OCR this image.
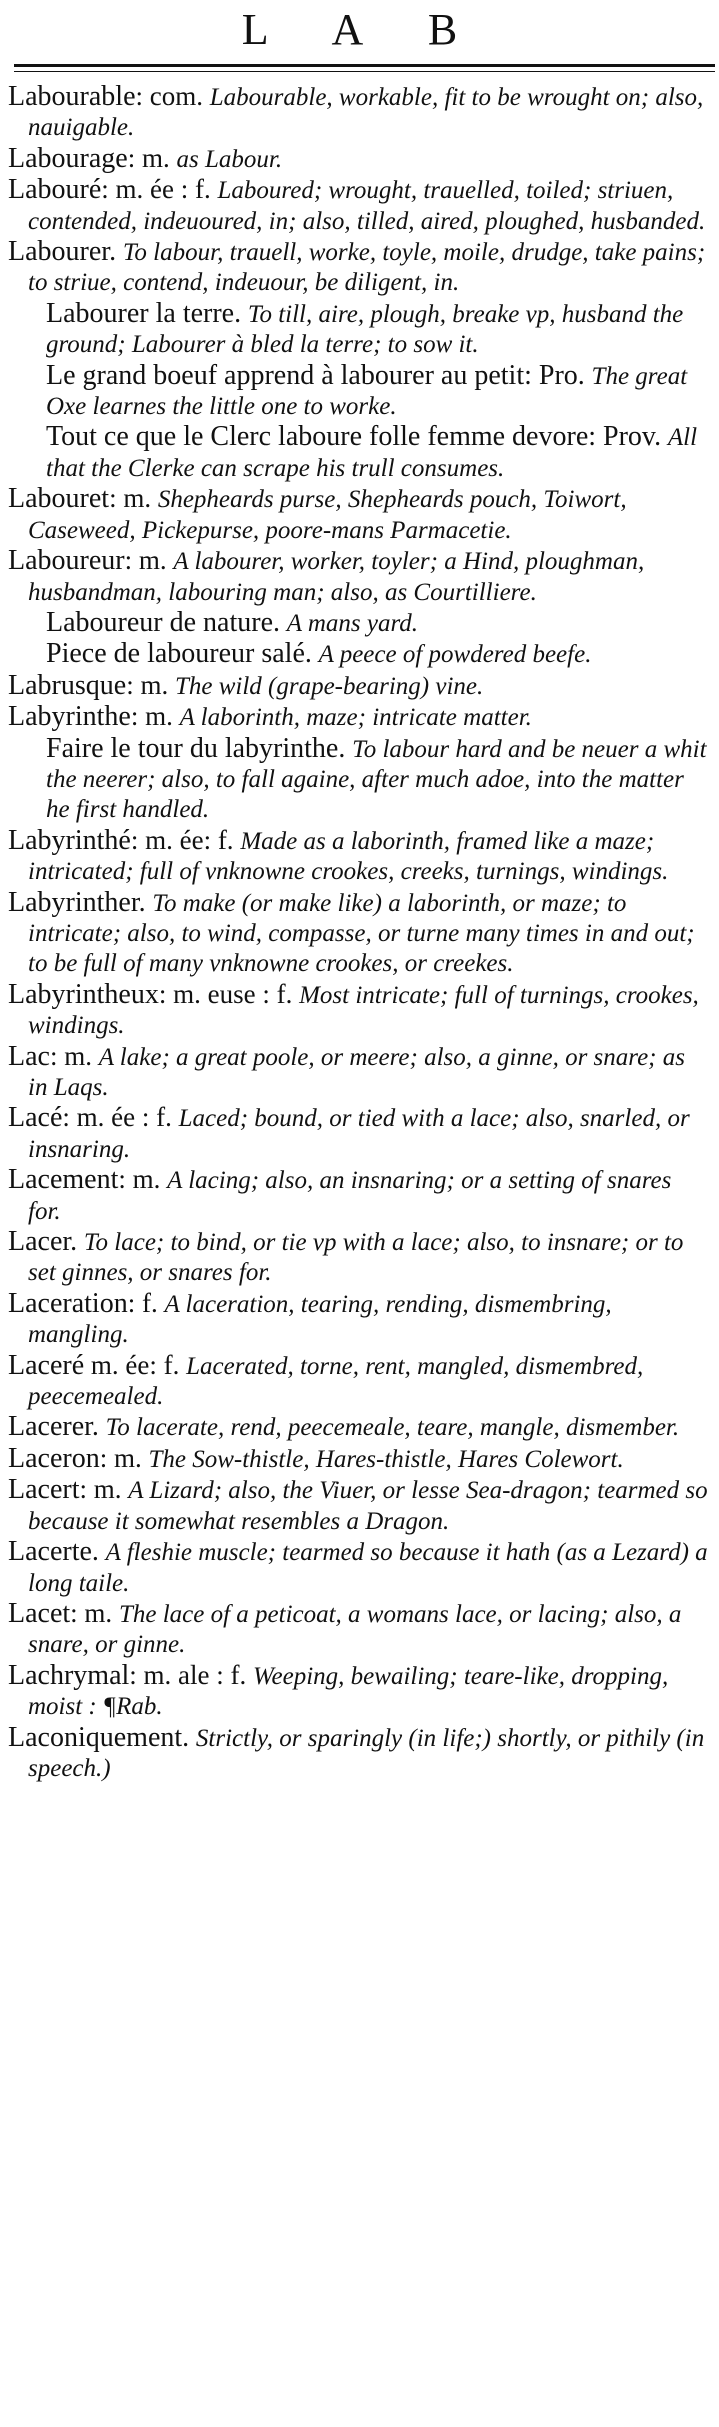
L A B
Labourable: com. Labourable, workable, fit to be wrought on; also, nauigable.
Labourage: m. as Labour.
Labouré: m. ée : f. Laboured; wrought, trauelled, toiled; striuen, contended, indeuoured, in; also, tilled, aired, ploughed, husbanded.
Labourer. To labour, trauell, worke, toyle, moile, drudge, take pains; to striue, contend, indeuour, be diligent, in.
Labourer la terre. To till, aire, plough, breake vp, husband the ground; Labourer à bled la terre; to sow it.
Le grand boeuf apprend à labourer au petit: Pro. The great Oxe learnes the little one to worke.
Tout ce que le Clerc laboure folle femme devore: Prov. All that the Clerke can scrape his trull consumes.
Labouret: m. Shepheards purse, Shepheards pouch, Toiwort, Caseweed, Pickepurse, poore-mans Parmacetie.
Laboureur: m. A labourer, worker, toyler; a Hind, ploughman, husbandman, labouring man; also, as Courtilliere.
Laboureur de nature. A mans yard.
Piece de laboureur salé. A peece of powdered beefe.
Labrusque: m. The wild (grape-bearing) vine.
Labyrinthe: m. A laborinth, maze; intricate matter.
Faire le tour du labyrinthe. To labour hard and be neuer a whit the neerer; also, to fall againe, after much adoe, into the matter he first handled.
Labyrinthé: m. ée: f. Made as a laborinth, framed like a maze; intricated; full of vnknowne crookes, creeks, turnings, windings.
Labyrinther. To make (or make like) a laborinth, or maze; to intricate; also, to wind, compasse, or turne many times in and out; to be full of many vnknowne crookes, or creekes.
Labyrintheux: m. euse : f. Most intricate; full of turnings, crookes, windings.
Lac: m. A lake; a great poole, or meere; also, a ginne, or snare; as in Laqs.
Lacé: m. ée : f. Laced; bound, or tied with a lace; also, snarled, or insnaring.
Lacement: m. A lacing; also, an insnaring; or a setting of snares for.
Lacer. To lace; to bind, or tie vp with a lace; also, to insnare; or to set ginnes, or snares for.
Laceration: f. A laceration, tearing, rending, dismembring, mangling.
Laceré m. ée: f. Lacerated, torne, rent, mangled, dismembred, peecemealed.
Lacerer. To lacerate, rend, peecemeale, teare, mangle, dismember.
Laceron: m. The Sow-thistle, Hares-thistle, Hares Colewort.
Lacert: m. A Lizard; also, the Viuer, or lesse Sea-dragon; tearmed so because it somewhat resembles a Dragon.
Lacerte. A fleshie muscle; tearmed so because it hath (as a Lezard) a long taile.
Lacet: m. The lace of a peticoat, a womans lace, or lacing; also, a snare, or ginne.
Lachrymal: m. ale : f. Weeping, bewailing; teare-like, dropping, moist : ¶Rab.
Laconiquement. Strictly, or sparingly (in life;) shortly, or pithily (in speech.)
